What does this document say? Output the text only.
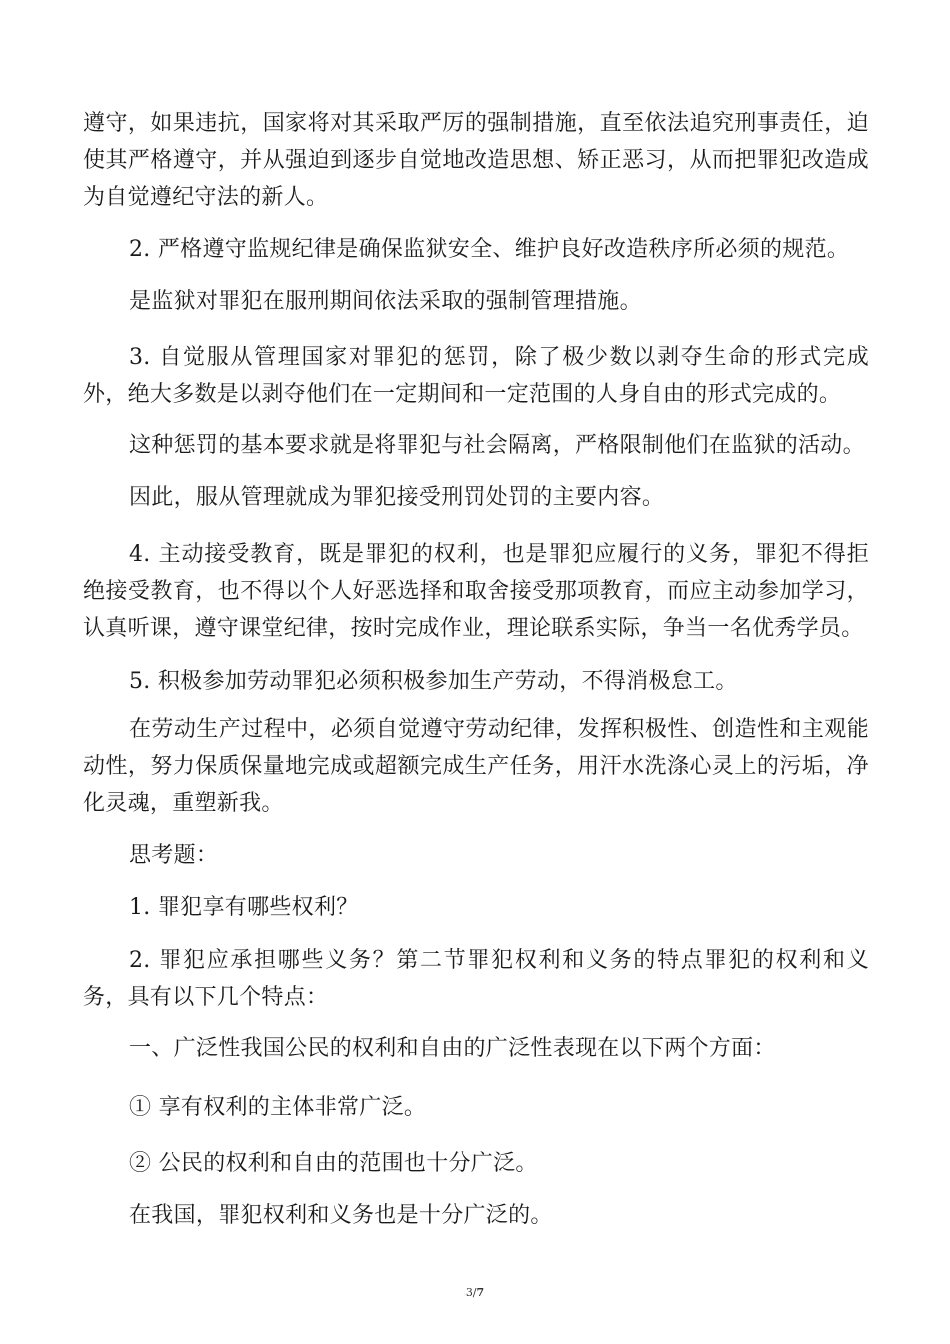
遵守，如果违抗，国家将对其采取严厉的强制措施，直至依法追究刑事责任，迫使其严格遵守，并从强迫到逐步自觉地改造思想、矫正恶习，从而把罪犯改造成为自觉遵纪守法的新人。

2. 严格遵守监规纪律是确保监狱安全、维护良好改造秩序所必须的规范。

是监狱对罪犯在服刑期间依法采取的强制管理措施。

3. 自觉服从管理国家对罪犯的惩罚，除了极少数以剥夺生命的形式完成外，绝大多数是以剥夺他们在一定期间和一定范围的人身自由的形式完成的。

这种惩罚的基本要求就是将罪犯与社会隔离，严格限制他们在监狱的活动。

因此，服从管理就成为罪犯接受刑罚处罚的主要内容。

4. 主动接受教育，既是罪犯的权利，也是罪犯应履行的义务，罪犯不得拒绝接受教育，也不得以个人好恶选择和取舍接受那项教育，而应主动参加学习，认真听课，遵守课堂纪律，按时完成作业，理论联系实际，争当一名优秀学员。

5. 积极参加劳动罪犯必须积极参加生产劳动，不得消极怠工。

在劳动生产过程中，必须自觉遵守劳动纪律，发挥积极性、创造性和主观能动性，努力保质保量地完成或超额完成生产任务，用汗水洗涤心灵上的污垢，净化灵魂，重塑新我。

思考题：

1. 罪犯享有哪些权利？

2. 罪犯应承担哪些义务？第二节罪犯权利和义务的特点罪犯的权利和义务，具有以下几个特点：

一、广泛性我国公民的权利和自由的广泛性表现在以下两个方面：

① 享有权利的主体非常广泛。

② 公民的权利和自由的范围也十分广泛。

在我国，罪犯权利和义务也是十分广泛的。

3/7
